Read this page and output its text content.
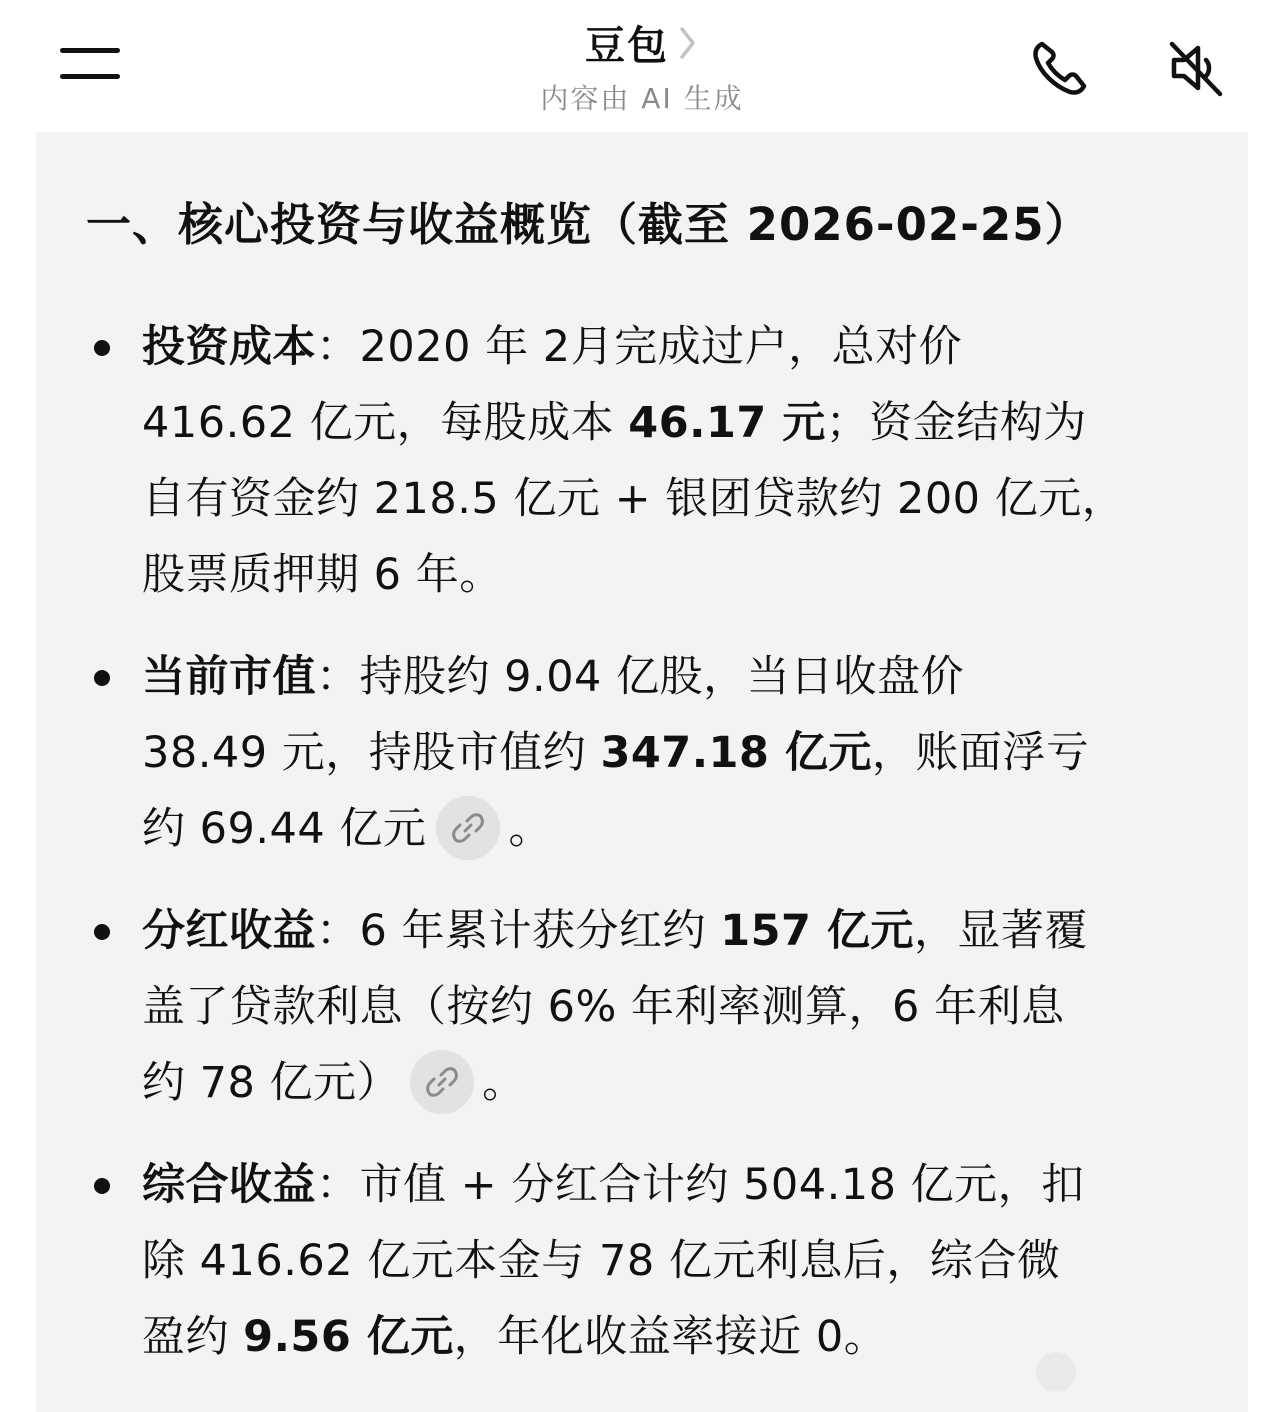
豆包
内容由 AI 生成
一、核心投资与收益概览（截至 2026-02-25）
投资成本：2020 年 2月完成过户，总对价
416.62 亿元，每股成本 46.17 元；资金结构为
自有资金约 218.5 亿元 + 银团贷款约 200 亿元，
股票质押期 6 年。
当前市值：持股约 9.04 亿股，当日收盘价
38.49 元，持股市值约 347.18 亿元，账面浮亏
约 69.44 亿元 。
分红收益：6 年累计获分红约 157 亿元，显著覆
盖了贷款利息（按约 6% 年利率测算，6 年利息
约 78 亿元） 。
综合收益：市值 + 分红合计约 504.18 亿元，扣
除 416.62 亿元本金与 78 亿元利息后，综合微
盈约 9.56 亿元，年化收益率接近 0。
